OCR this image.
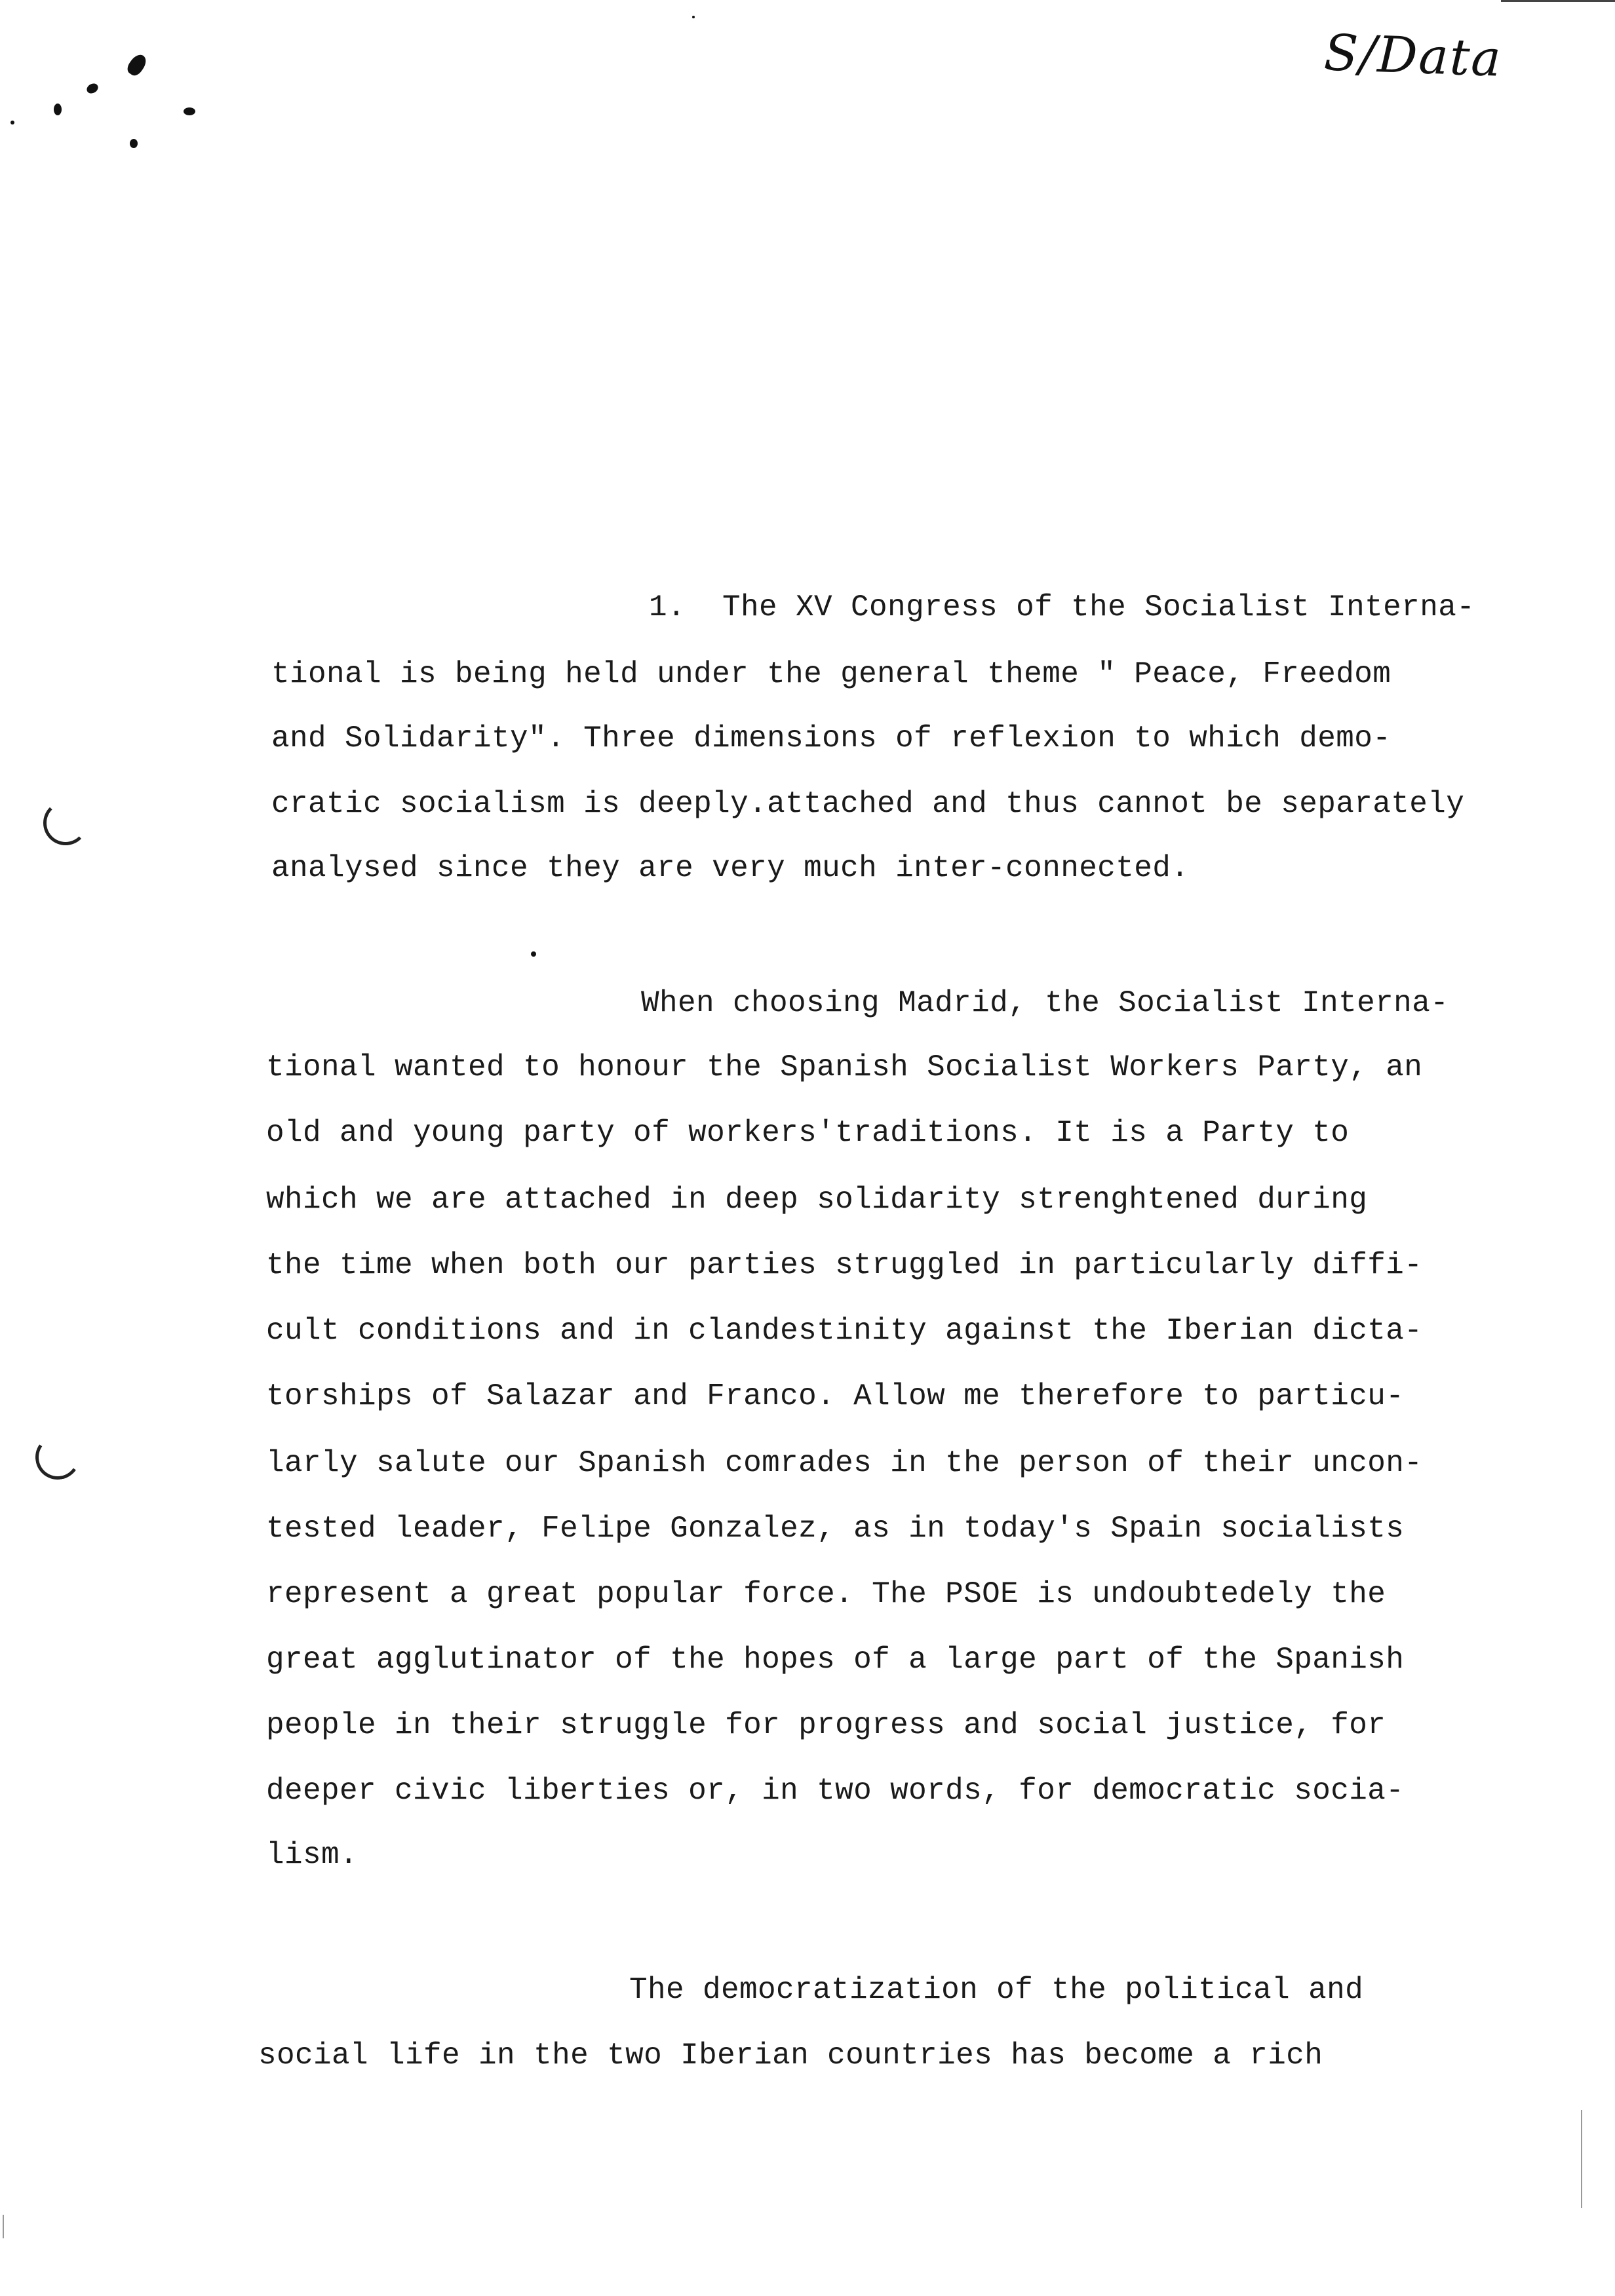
S/Data
1.  The XV Congress of the Socialist Interna-
tional is being held under the general theme " Peace, Freedom
and Solidarity". Three dimensions of reflexion to which demo-
cratic socialism is deeply.attached and thus cannot be separately
analysed since they are very much inter-connected.
When choosing Madrid, the Socialist Interna-
tional wanted to honour the Spanish Socialist Workers Party, an
old and young party of workers'traditions. It is a Party to
which we are attached in deep solidarity strenghtened during
the time when both our parties struggled in particularly diffi-
cult conditions and in clandestinity against the Iberian dicta-
torships of Salazar and Franco. Allow me therefore to particu-
larly salute our Spanish comrades in the person of their uncon-
tested leader, Felipe Gonzalez, as in today's Spain socialists
represent a great popular force. The PSOE is undoubtedely the
great agglutinator of the hopes of a large part of the Spanish
people in their struggle for progress and social justice, for
deeper civic liberties or, in two words, for democratic socia-
lism.
The democratization of the political and
social life in the two Iberian countries has become a rich
